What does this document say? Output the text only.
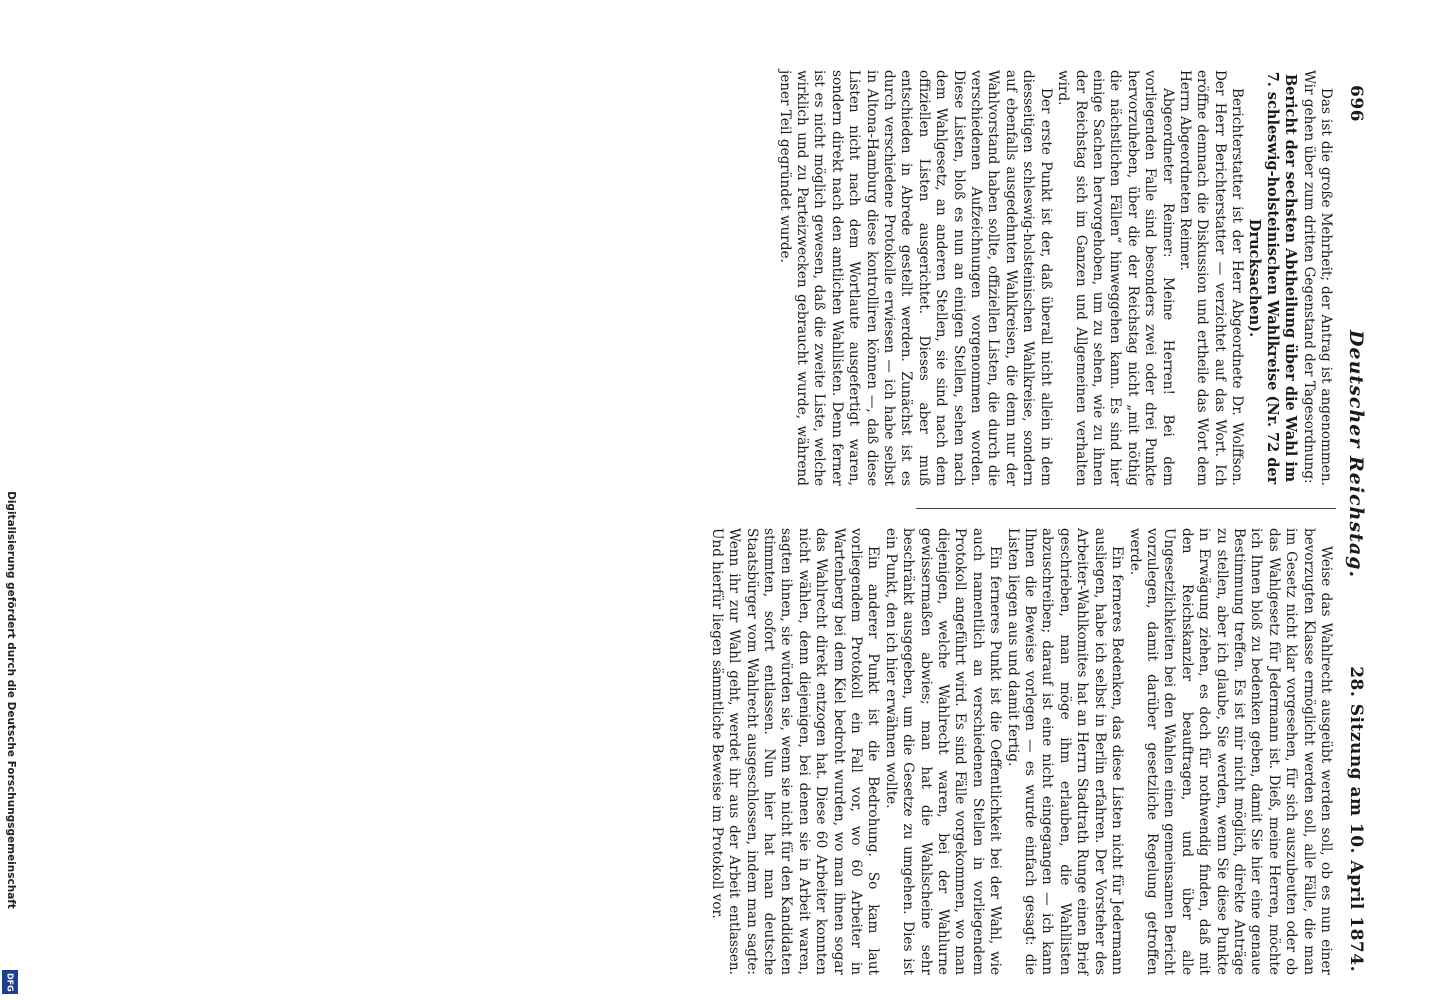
Digitalisierung gefördert durch die Deutsche Forschungsgemeinschaft
DFG
696
Deutscher Reichstag.
28. Sitzung am 10. April 1874.

Das ist die große Mehrheit; der Antrag ist angenommen. Wir gehen über zum dritten Gegenstand der Tagesordnung:

Bericht der sechsten Abtheilung über die Wahl im 7. schleswig-holsteinischen Wahlkreise (Nr. 72 der Drucksachen).

Berichterstatter ist der Herr Abgeordnete Dr. Wolffson. Der Herr Berichterstatter — verzichtet auf das Wort. Ich eröffne demnach die Diskussion und ertheile das Wort dem Herrn Abgeordneten Reimer.

Abgeordneter Reimer: Meine Herren! Bei dem vorliegenden Falle sind besonders zwei oder drei Punkte hervorzuheben, über die der Reichstag nicht „mit nöthig die nächstlichen Fällen“ hinweggehen kann. Es sind hier einige Sachen hervorgehoben, um zu sehen, wie zu ihnen der Reichstag sich im Ganzen und Allgemeinen verhalten wird.

Der erste Punkt ist der, daß überall nicht allein in dem diesseitigen schleswig-holsteinischen Wahlkreise, sondern auf ebenfalls ausgedehnten Wahlkreisen, die denn nur der Wahlvorstand haben sollte, offiziellen Listen, die durch die verschiedenen Aufzeichnungen vorgenommen worden. Diese Listen, bloß es nun an einigen Stellen, sehen nach dem Wahlgesetz, an anderen Stellen, sie sind nach dem offiziellen Listen ausgerichtet. Dieses aber muß entschieden in Abrede gestellt werden. Zunächst ist es durch verschiedene Protokolle erwiesen — ich habe selbst in Altona-Hamburg diese kontrolliren können —, daß diese Listen nicht nach dem Wortlaute ausgefertigt waren, sondern direkt nach den amtlichen Wahllisten. Denn ferner ist es nicht möglich gewesen, daß die zweite Liste, welche wirklich und zu Parteizwecken gebraucht wurde, während jener Teil gegründet wurde.

Weise das Wahlrecht ausgeübt werden soll, ob es nun einer bevorzugten Klasse ermöglicht werden soll, alle Fälle, die man im Gesetz nicht klar vorgesehen, für sich auszubeuten oder ob das Wahlgesetz für Jedermann ist. Dieß, meine Herren, möchte ich Ihnen bloß zu bedenken geben, damit Sie hier eine genaue Bestimmung treffen. Es ist mir nicht möglich, direkte Anträge zu stellen, aber ich glaube, Sie werden, wenn Sie diese Punkte in Erwägung ziehen, es doch für nothwendig finden, daß mit den Reichskanzler beauftragen, und über alle Ungesetzlichkeiten bei den Wahlen einen gemeinsamen Bericht vorzulegen, damit darüber gesetzliche Regelung getroffen werde.

Ein ferneres Bedenken, das diese Listen nicht für Jedermann ausliegen, habe ich selbst in Berlin erfahren. Der Vorsteher des Arbeiter-Wahlkomites hat an Herrn Stadtrath Runge einen Brief geschrieben, man möge ihm erlauben, die Wahllisten abzuschreiben; darauf ist eine nicht eingegangen — ich kann Ihnen die Beweise vorlegen — es wurde einfach gesagt: die Listen liegen aus und damit fertig.

Ein ferneres Punkt ist die Oeffentlichkeit bei der Wahl, wie auch namentlich an verschiedenen Stellen in vorliegendem Protokoll angeführt wird. Es sind Fälle vorgekommen, wo man diejenigen, welche Wahlrecht waren, bei der Wahlurne gewissermaßen abwies; man hat die Wahlscheine sehr beschränkt ausgegeben, um die Gesetze zu umgehen. Dies ist ein Punkt, den ich hier erwähnen wollte.

Ein anderer Punkt ist die Bedrohung. So kam laut vorliegendem Protokoll ein Fall vor, wo 60 Arbeiter in Wartenberg bei dem Kiel bedroht wurden, wo man ihnen sogar das Wahlrecht direkt entzogen hat. Diese 60 Arbeiter konnten nicht wählen, denn diejenigen, bei denen sie in Arbeit waren, sagten ihnen, sie würden sie, wenn sie nicht für den Kandidaten stimmten, sofort entlassen. Nun hier hat man deutsche Staatsbürger vom Wahlrecht ausgeschlossen, indem man sagte: Wenn ihr zur Wahl geht, werdet ihr aus der Arbeit entlassen. Und hierfür liegen sämmtliche Beweise im Protokoll vor.
